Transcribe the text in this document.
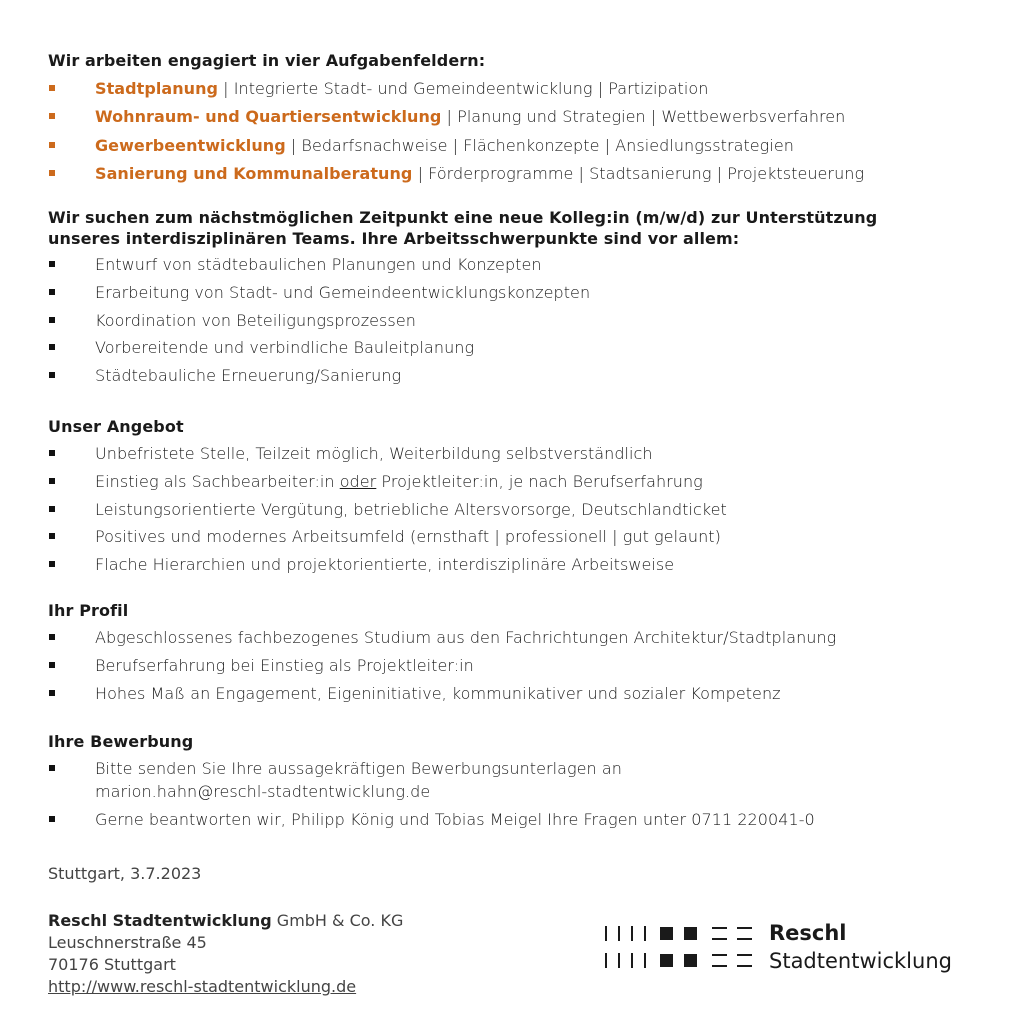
Wir arbeiten engagiert in vier Aufgabenfeldern:

Stadtplanung | Integrierte Stadt- und Gemeindeentwicklung | Partizipation
Wohnraum- und Quartiersentwicklung | Planung und Strategien | Wettbewerbsverfahren
Gewerbeentwicklung | Bedarfsnachweise | Flächenkonzepte | Ansiedlungsstrategien
Sanierung und Kommunalberatung | Förderprogramme | Stadtsanierung | Projektsteuerung

Wir suchen zum nächstmöglichen Zeitpunkt eine neue Kolleg:in (m/w/d) zur Unterstützung

unseres interdisziplinären Teams. Ihre Arbeitsschwerpunkte sind vor allem:

Entwurf von städtebaulichen Planungen und Konzepten
Erarbeitung von Stadt- und Gemeindeentwicklungskonzepten
Koordination von Beteiligungsprozessen
Vorbereitende und verbindliche Bauleitplanung
Städtebauliche Erneuerung/Sanierung

Unser Angebot

Unbefristete Stelle, Teilzeit möglich, Weiterbildung selbstverständlich
Einstieg als Sachbearbeiter:in oder Projektleiter:in, je nach Berufserfahrung
Leistungsorientierte Vergütung, betriebliche Altersvorsorge, Deutschlandticket
Positives und modernes Arbeitsumfeld (ernsthaft | professionell | gut gelaunt)
Flache Hierarchien und projektorientierte, interdisziplinäre Arbeitsweise

Ihr Profil

Abgeschlossenes fachbezogenes Studium aus den Fachrichtungen Architektur/Stadtplanung
Berufserfahrung bei Einstieg als Projektleiter:in
Hohes Maß an Engagement, Eigeninitiative, kommunikativer und sozialer Kompetenz

Ihre Bewerbung

Bitte senden Sie Ihre aussagekräftigen Bewerbungsunterlagen an
marion.hahn@reschl-stadtentwicklung.de
Gerne beantworten wir, Philipp König und Tobias Meigel Ihre Fragen unter 0711 220041-0
Stuttgart, 3.7.2023
Reschl Stadtentwicklung GmbH & Co. KG
Leuschnerstraße 45
70176 Stuttgart
http://www.reschl-stadtentwicklung.de
Reschl
Stadtentwicklung
